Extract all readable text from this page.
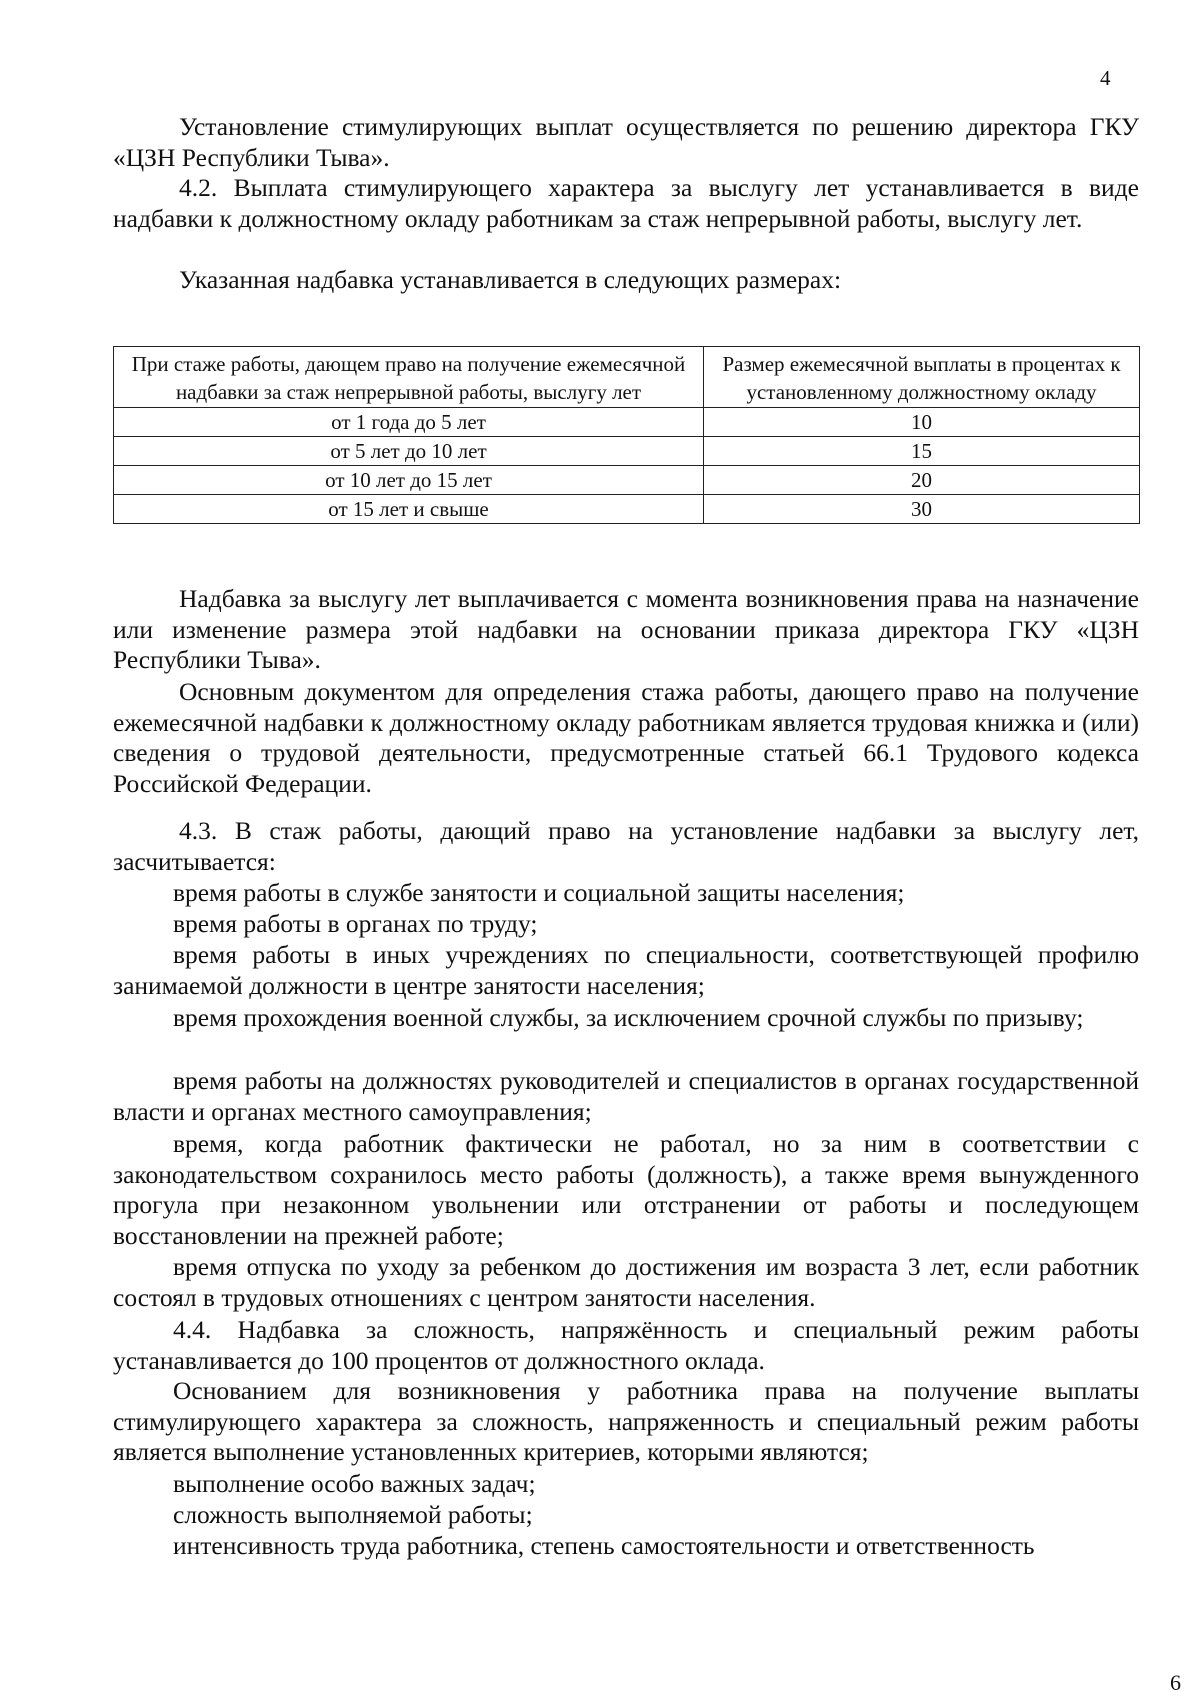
4

Установление стимулирующих выплат осуществляется по решению директора ГКУ «ЦЗН Республики Тыва».

4.2. Выплата стимулирующего характера за выслугу лет устанавливается в виде надбавки к должностному окладу работникам за стаж непрерывной работы, выслугу лет.

Указанная надбавка устанавливается в следующих размерах:

При стаже работы, дающем право на получение ежемесячной надбавки за стаж непрерывной работы, выслугу лет	Размер ежемесячной выплаты в процентах к установленному должностному окладу
от 1 года до 5 лет	10
от 5 лет до 10 лет	15
от 10 лет до 15 лет	20
от 15 лет и свыше	30

Надбавка за выслугу лет выплачивается с момента возникновения права на назначение или изменение размера этой надбавки на основании приказа директора ГКУ «ЦЗН Республики Тыва».

Основным документом для определения стажа работы, дающего право на получение ежемесячной надбавки к должностному окладу работникам является трудовая книжка и (или) сведения о трудовой деятельности, предусмотренные статьей 66.1 Трудового кодекса Российской Федерации.

4.3. В стаж работы, дающий право на установление надбавки за выслугу лет, засчитывается:

время работы в службе занятости и социальной защиты населения;

время работы в органах по труду;

время работы в иных учреждениях по специальности, соответствующей профилю занимаемой должности в центре занятости населения;

время прохождения военной службы, за исключением срочной службы по призыву;

время работы на должностях руководителей и специалистов в органах государственной власти и органах местного самоуправления;

время, когда работник фактически не работал, но за ним в соответствии с законодательством сохранилось место работы (должность), а также время вынужденного прогула при незаконном увольнении или отстранении от работы и последующем восстановлении на прежней работе;

время отпуска по уходу за ребенком до достижения им возраста 3 лет, если работник состоял в трудовых отношениях с центром занятости населения.

4.4. Надбавка за сложность, напряжённость и специальный режим работы устанавливается до 100 процентов от должностного оклада.

Основанием для возникновения у работника права на получение выплаты стимулирующего характера за сложность, напряженность и специальный режим работы является выполнение установленных критериев, которыми являются;

выполнение особо важных задач;

сложность выполняемой работы;

интенсивность труда работника, степень самостоятельности и ответственность

6
